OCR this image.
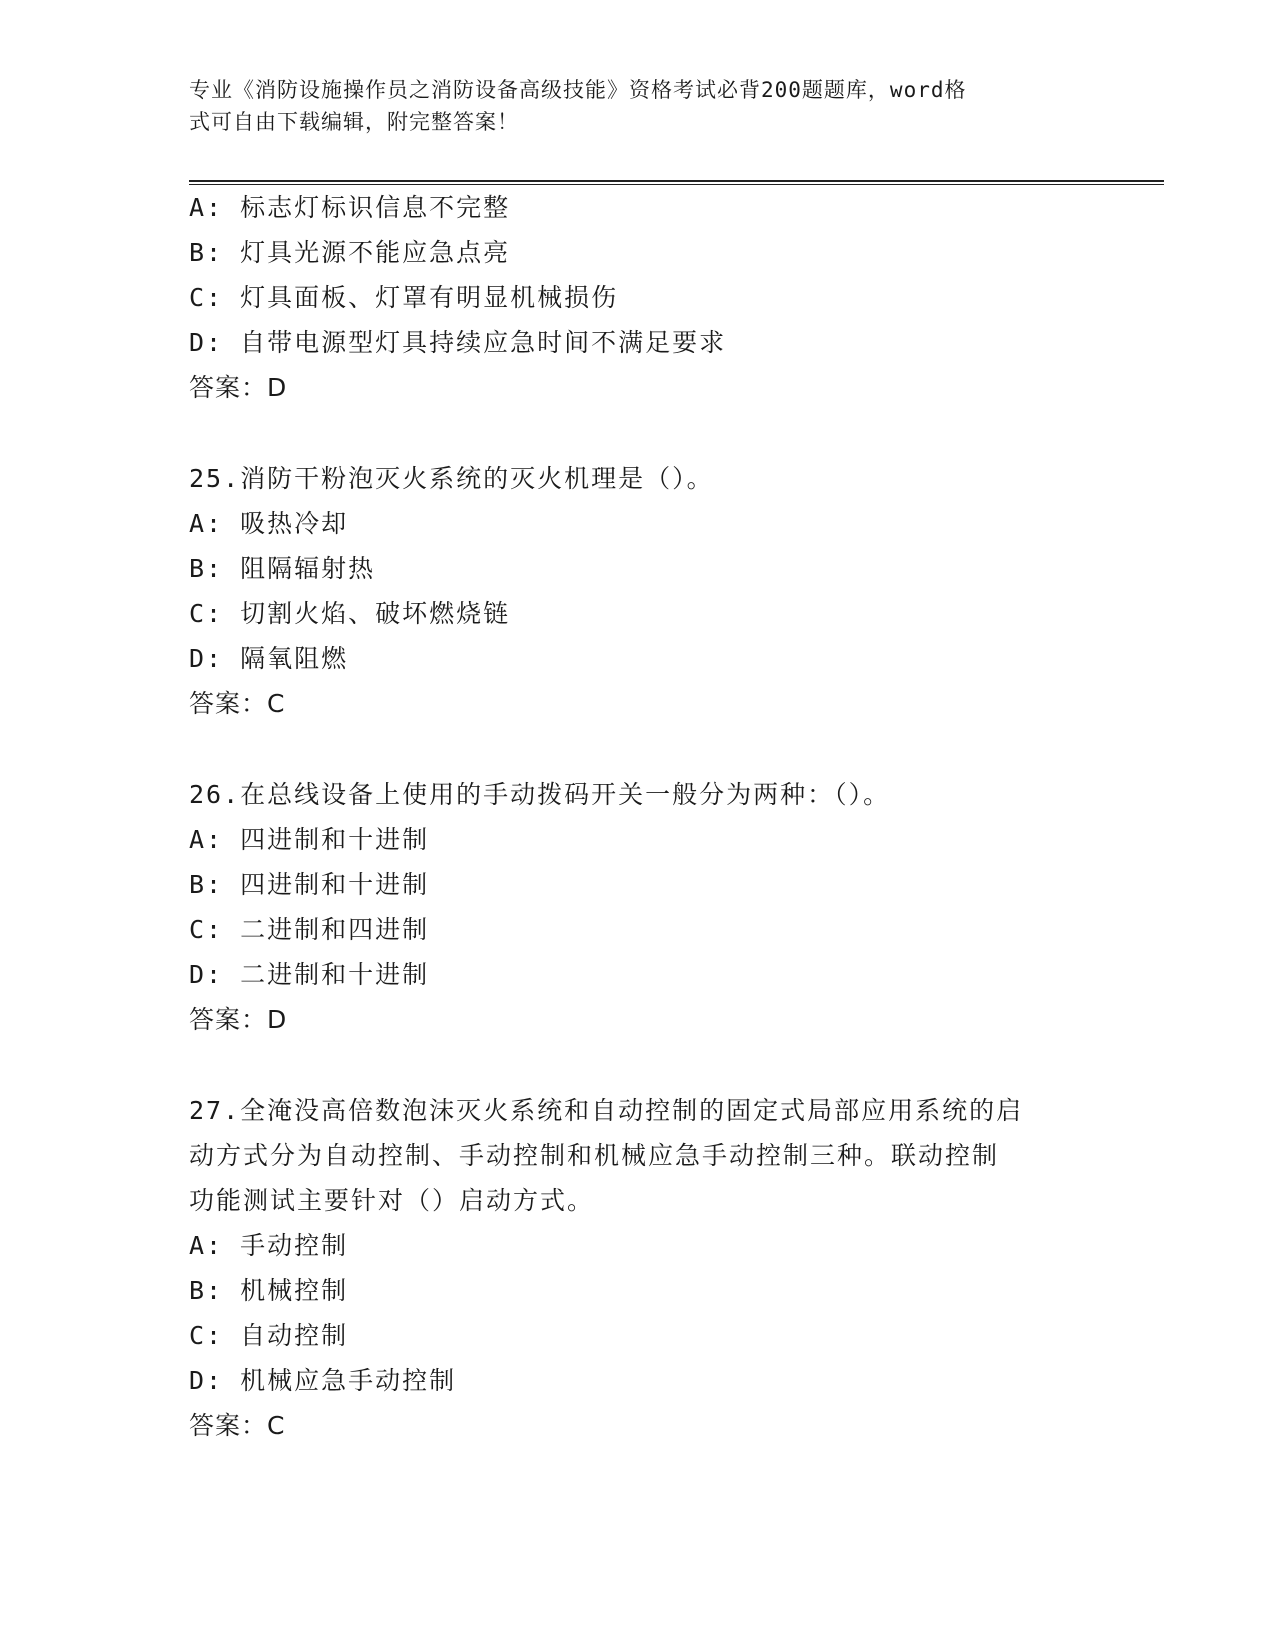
专业《消防设施操作员之消防设备高级技能》资格考试必背200题题库，word格
式可自由下载编辑，附完整答案！
A: 标志灯标识信息不完整
B: 灯具光源不能应急点亮
C: 灯具面板、灯罩有明显机械损伤
D: 自带电源型灯具持续应急时间不满足要求
答案：D
25.消防干粉泡灭火系统的灭火机理是（）。
A: 吸热冷却
B: 阻隔辐射热
C: 切割火焰、破坏燃烧链
D: 隔氧阻燃
答案：C
26.在总线设备上使用的手动拨码开关一般分为两种：（）。
A: 四进制和十进制
B: 四进制和十进制
C: 二进制和四进制
D: 二进制和十进制
答案：D
27.全淹没高倍数泡沫灭火系统和自动控制的固定式局部应用系统的启
动方式分为自动控制、手动控制和机械应急手动控制三种。联动控制
功能测试主要针对（）启动方式。
A: 手动控制
B: 机械控制
C: 自动控制
D: 机械应急手动控制
答案：C
